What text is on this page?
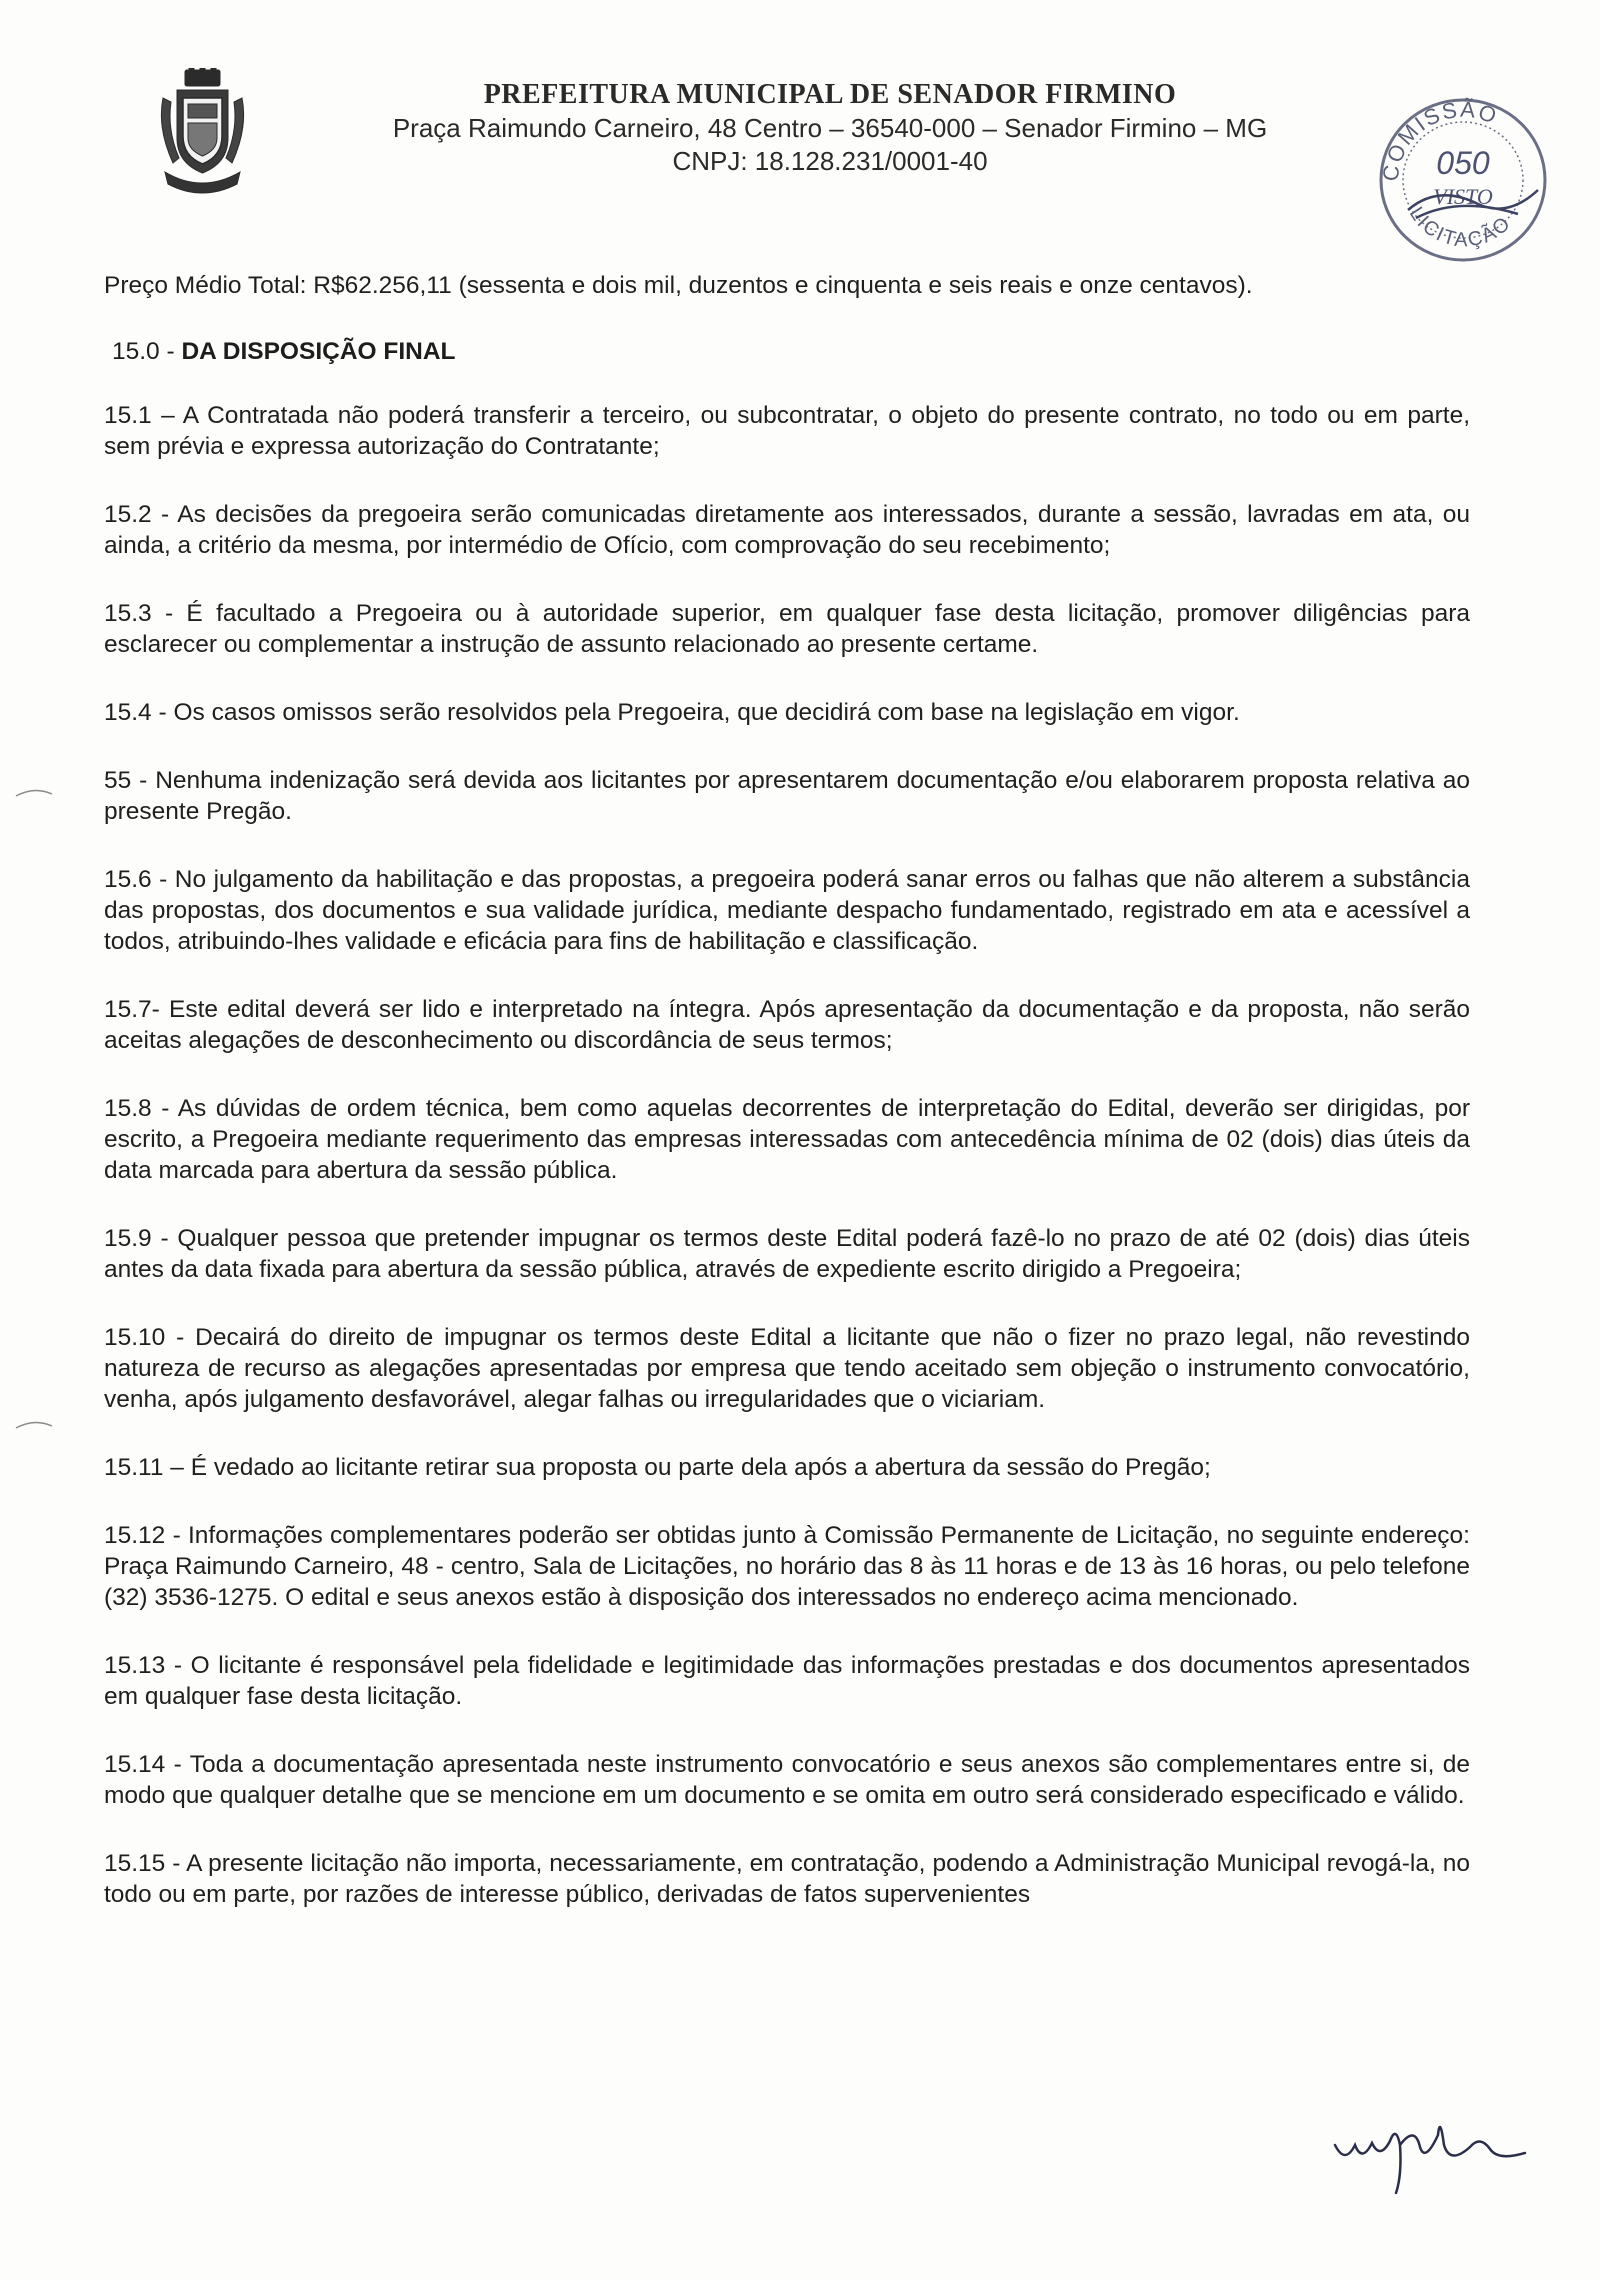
PREFEITURA MUNICIPAL DE SENADOR FIRMINO
Praça Raimundo Carneiro, 48 Centro – 36540-000 – Senador Firmino – MG
CNPJ: 18.128.231/0001-40	COMISSÃO
LICITAÇÃO
050
VISTO

Preço Médio Total: R$62.256,11 (sessenta e dois mil, duzentos e cinquenta e seis reais e onze centavos).

15.0 - DA DISPOSIÇÃO FINAL

15.1 – A Contratada não poderá transferir a terceiro, ou subcontratar, o objeto do presente contrato, no todo ou em parte, sem prévia e expressa autorização do Contratante;

15.2 - As decisões da pregoeira serão comunicadas diretamente aos interessados, durante a sessão, lavradas em ata, ou ainda, a critério da mesma, por intermédio de Ofício, com comprovação do seu recebimento;

15.3 - É facultado a Pregoeira ou à autoridade superior, em qualquer fase desta licitação, promover diligências para esclarecer ou complementar a instrução de assunto relacionado ao presente certame.

15.4 - Os casos omissos serão resolvidos pela Pregoeira, que decidirá com base na legislação em vigor.

55 - Nenhuma indenização será devida aos licitantes por apresentarem documentação e/ou elaborarem proposta relativa ao presente Pregão.

15.6 - No julgamento da habilitação e das propostas, a pregoeira poderá sanar erros ou falhas que não alterem a substância das propostas, dos documentos e sua validade jurídica, mediante despacho fundamentado, registrado em ata e acessível a todos, atribuindo-lhes validade e eficácia para fins de habilitação e classificação.

15.7- Este edital deverá ser lido e interpretado na íntegra. Após apresentação da documentação e da proposta, não serão aceitas alegações de desconhecimento ou discordância de seus termos;

15.8 - As dúvidas de ordem técnica, bem como aquelas decorrentes de interpretação do Edital, deverão ser dirigidas, por escrito, a Pregoeira mediante requerimento das empresas interessadas com antecedência mínima de 02 (dois) dias úteis da data marcada para abertura da sessão pública.

15.9 - Qualquer pessoa que pretender impugnar os termos deste Edital poderá fazê-lo no prazo de até 02 (dois) dias úteis antes da data fixada para abertura da sessão pública, através de expediente escrito dirigido a Pregoeira;

15.10 - Decairá do direito de impugnar os termos deste Edital a licitante que não o fizer no prazo legal, não revestindo natureza de recurso as alegações apresentadas por empresa que tendo aceitado sem objeção o instrumento convocatório, venha, após julgamento desfavorável, alegar falhas ou irregularidades que o viciariam.

15.11 – É vedado ao licitante retirar sua proposta ou parte dela após a abertura da sessão do Pregão;

15.12 - Informações complementares poderão ser obtidas junto à Comissão Permanente de Licitação, no seguinte endereço: Praça Raimundo Carneiro, 48 - centro, Sala de Licitações, no horário das 8 às 11 horas e de 13 às 16 horas, ou pelo telefone (32) 3536-1275. O edital e seus anexos estão à disposição dos interessados no endereço acima mencionado.

15.13 - O licitante é responsável pela fidelidade e legitimidade das informações prestadas e dos documentos apresentados em qualquer fase desta licitação.

15.14 - Toda a documentação apresentada neste instrumento convocatório e seus anexos são complementares entre si, de modo que qualquer detalhe que se mencione em um documento e se omita em outro será considerado especificado e válido.

15.15 - A presente licitação não importa, necessariamente, em contratação, podendo a Administração Municipal revogá-la, no todo ou em parte, por razões de interesse público, derivadas de fatos supervenientes
